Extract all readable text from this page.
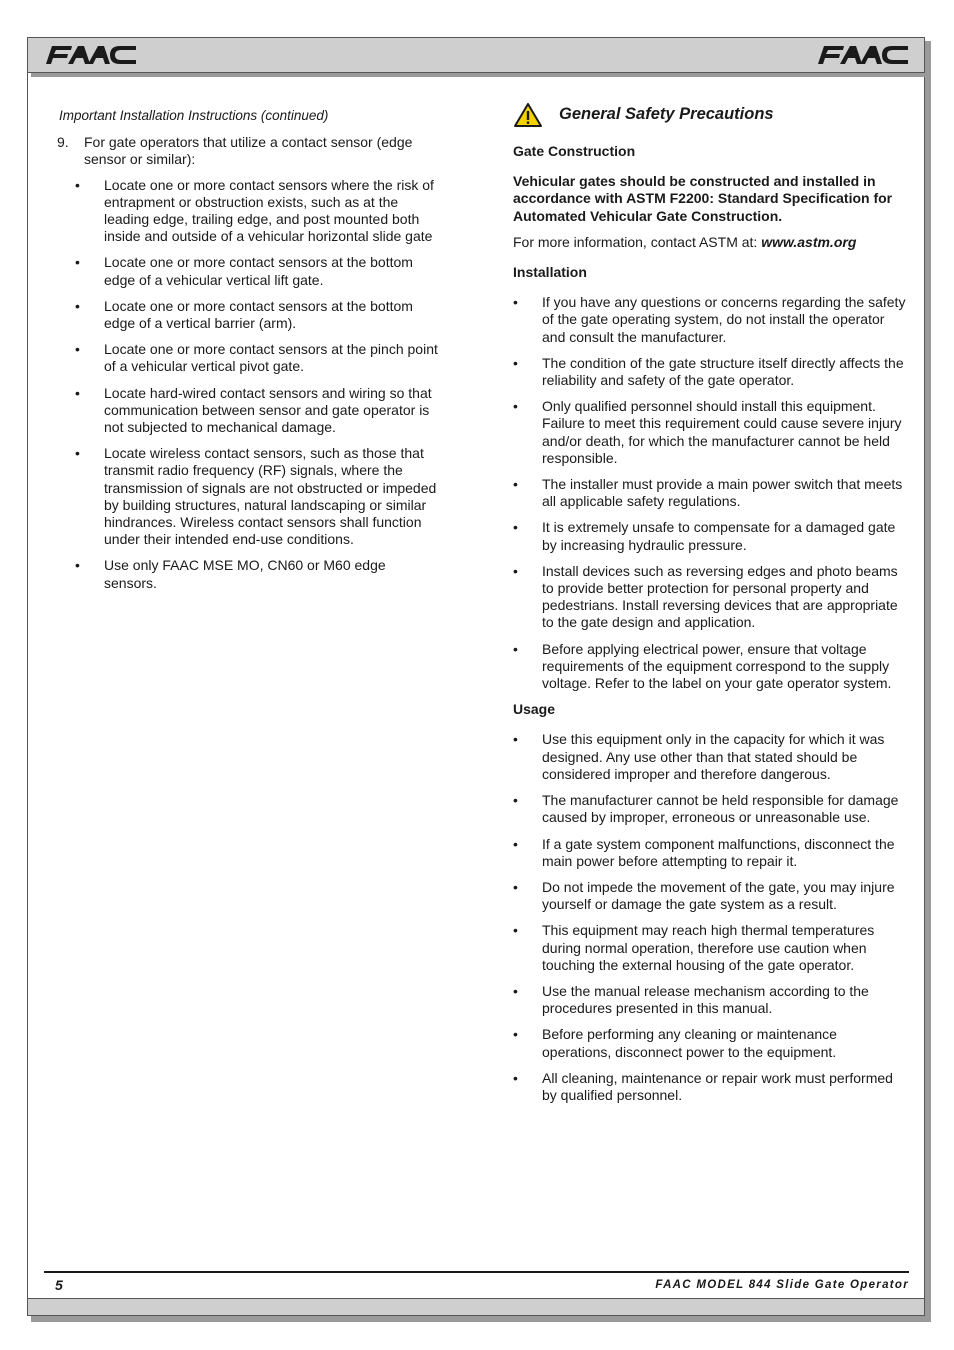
Important Installation Instructions (continued)
9.	For gate operators that utilize a contact sensor (edge sensor or similar):
•	Locate one or more contact sensors where the risk of entrapment or obstruction exists, such as at the leading edge, trailing edge, and post mounted both inside and outside of a vehicular horizontal slide gate
•	Locate one or more contact sensors at the bottom edge of a vehicular vertical lift gate.
•	Locate one or more contact sensors at the bottom edge of a vertical barrier (arm).
•	Locate one or more contact sensors at the pinch point of a vehicular vertical pivot gate.
•	Locate hard-wired contact sensors and wiring so that communication between sensor and gate operator is not subjected to mechanical damage.
•	Locate wireless contact sensors, such as those that transmit radio frequency (RF) signals, where the transmission of signals are not obstructed or impeded by building structures, natural landscaping or similar hindrances. Wireless contact sensors shall function under their intended end-use conditions.
•	Use only FAAC MSE MO, CN60 or M60 edge sensors.
General Safety Precautions
Gate Construction
Vehicular gates should be constructed and installed in accordance with ASTM F2200: Standard Specification for Automated Vehicular Gate Construction.
For more information, contact ASTM at: www.astm.org
Installation
•	If you have any questions or concerns regarding the safety of the gate operating system, do not install the operator and consult the manufacturer.
•	The condition of the gate structure itself directly affects the reliability and safety of the gate operator.
•	Only qualified personnel should install this equipment. Failure to meet this requirement could cause severe injury and/or death, for which the manufacturer cannot be held responsible.
•	The installer must provide a main power switch that meets all applicable safety regulations.
•	It is extremely unsafe to compensate for a damaged gate by increasing hydraulic pressure.
•	Install devices such as reversing edges and photo beams to provide better protection for personal property and pedestrians. Install reversing devices that are appropriate to the gate design and application.
•	Before applying electrical power, ensure that voltage requirements of the equipment correspond to the supply voltage. Refer to the label on your gate operator system.
Usage
•	Use this equipment only in the capacity for which it was designed. Any use other than that stated should be considered improper and therefore dangerous.
•	The manufacturer cannot be held responsible for damage caused by improper, erroneous or unreasonable use.
•	If a gate system component malfunctions, disconnect the main power before attempting to repair it.
•	Do not impede the movement of the gate, you may injure yourself or damage the gate system as a result.
•	This equipment may reach high thermal temperatures during normal operation, therefore use caution when touching the external housing of the gate operator.
•	Use the manual release mechanism according to the procedures presented in this manual.
•	Before performing any cleaning or maintenance operations, disconnect power to the equipment.
•	All cleaning, maintenance or repair work must performed by qualified personnel.
5	FAAC MODEL 844 Slide Gate Operator
